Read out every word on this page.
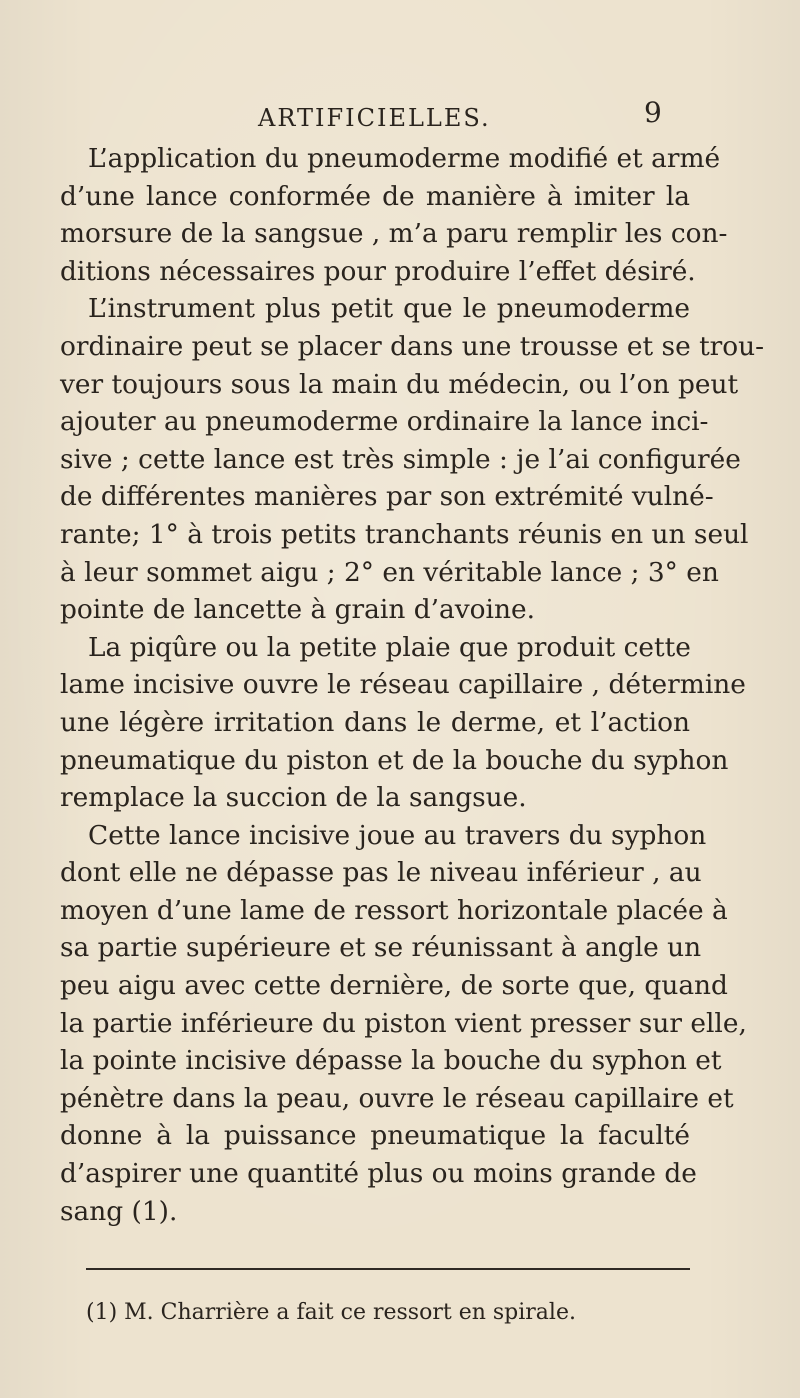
ARTIFICIELLES.	9
L’application du pneumoderme modifié et armé
d’une lance conformée de manière à imiter la
morsure de la sangsue , m’a paru remplir les con-
ditions nécessaires pour produire l’effet désiré.
L’instrument plus petit que le pneumoderme
ordinaire peut se placer dans une trousse et se trou-
ver toujours sous la main du médecin, ou l’on peut
ajouter au pneumoderme ordinaire la lance inci-
sive ; cette lance est très simple : je l’ai configurée
de différentes manières par son extrémité vulné-
rante; 1° à trois petits tranchants réunis en un seul
à leur sommet aigu ; 2° en véritable lance ; 3° en
pointe de lancette à grain d’avoine.
La piqûre ou la petite plaie que produit cette
lame incisive ouvre le réseau capillaire , détermine
une légère irritation dans le derme, et l’action
pneumatique du piston et de la bouche du syphon
remplace la succion de la sangsue.
Cette lance incisive joue au travers du syphon
dont elle ne dépasse pas le niveau inférieur , au
moyen d’une lame de ressort horizontale placée à
sa partie supérieure et se réunissant à angle un
peu aigu avec cette dernière, de sorte que, quand
la partie inférieure du piston vient presser sur elle,
la pointe incisive dépasse la bouche du syphon et
pénètre dans la peau, ouvre le réseau capillaire et
donne à la puissance pneumatique la faculté
d’aspirer une quantité plus ou moins grande de
sang (1).
(1) M. Charrière a fait ce ressort en spirale.
